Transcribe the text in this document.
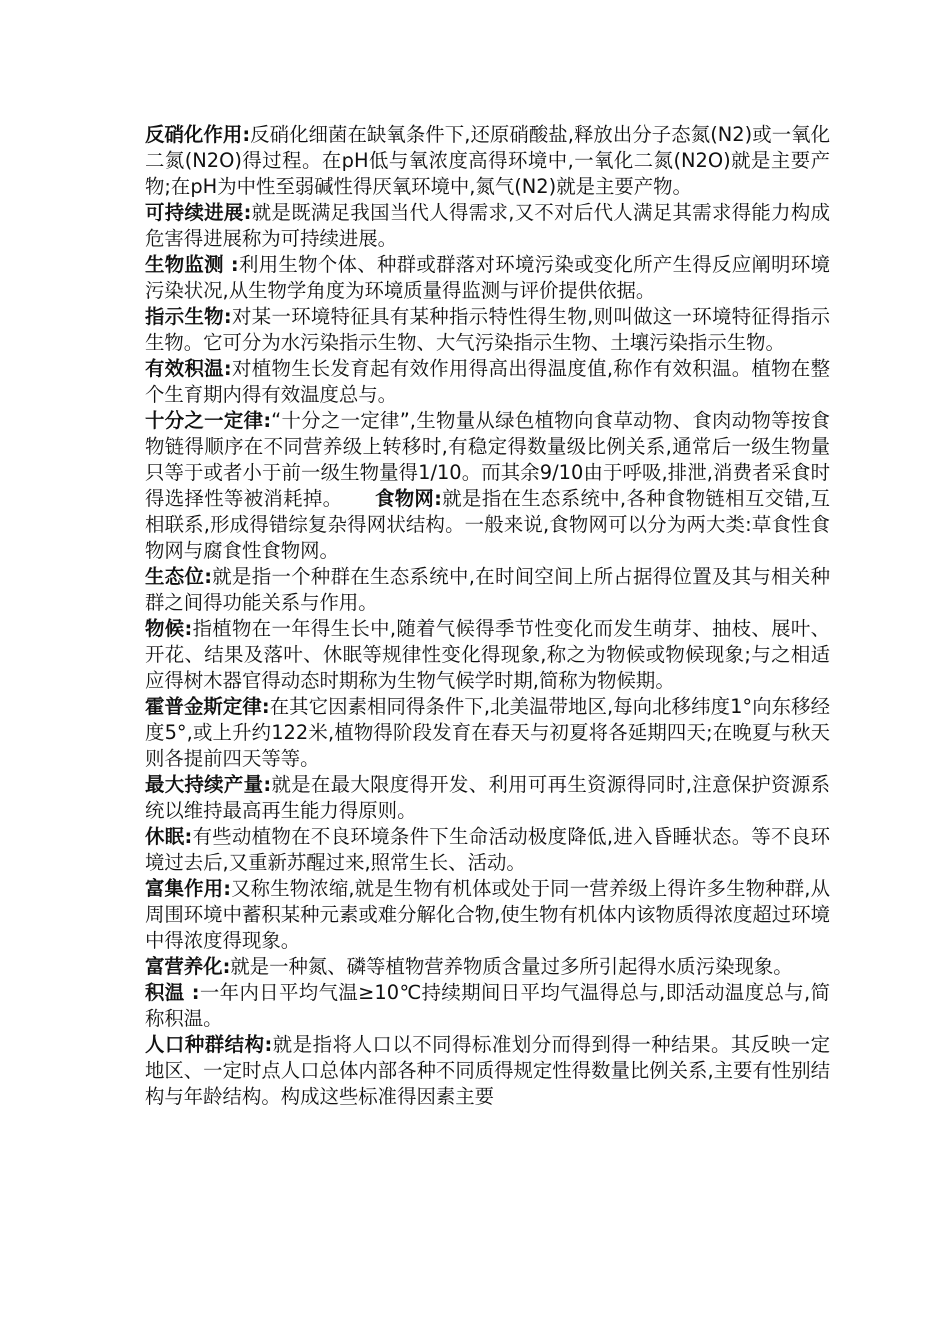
反硝化作用:反硝化细菌在缺氧条件下,还原硝酸盐,释放出分子态氮(N2)或一氧化二氮(N2O)得过程。在pH低与氧浓度高得环境中,一氧化二氮(N2O)就是主要产物;在pH为中性至弱碱性得厌氧环境中,氮气(N2)就是主要产物。

可持续进展:就是既满足我国当代人得需求,又不对后代人满足其需求得能力构成危害得进展称为可持续进展。

生物监测 :利用生物个体、种群或群落对环境污染或变化所产生得反应阐明环境污染状况,从生物学角度为环境质量得监测与评价提供依据。

指示生物:对某一环境特征具有某种指示特性得生物,则叫做这一环境特征得指示生物。它可分为水污染指示生物、大气污染指示生物、土壤污染指示生物。

有效积温:对植物生长发育起有效作用得高出得温度值,称作有效积温。植物在整个生育期内得有效温度总与。

十分之一定律:“十分之一定律”,生物量从绿色植物向食草动物、食肉动物等按食物链得顺序在不同营养级上转移时,有稳定得数量级比例关系,通常后一级生物量只等于或者小于前一级生物量得1/10。而其余9/10由于呼吸,排泄,消费者采食时得选择性等被消耗掉。 食物网:就是指在生态系统中,各种食物链相互交错,互相联系,形成得错综复杂得网状结构。一般来说,食物网可以分为两大类:草食性食物网与腐食性食物网。

生态位:就是指一个种群在生态系统中,在时间空间上所占据得位置及其与相关种群之间得功能关系与作用。

物候:指植物在一年得生长中,随着气候得季节性变化而发生萌芽、抽枝、展叶、开花、结果及落叶、休眠等规律性变化得现象,称之为物候或物候现象;与之相适应得树木器官得动态时期称为生物气候学时期,简称为物候期。

霍普金斯定律:在其它因素相同得条件下,北美温带地区,每向北移纬度1°向东移经度5°,或上升约122米,植物得阶段发育在春天与初夏将各延期四天;在晚夏与秋天则各提前四天等等。

最大持续产量:就是在最大限度得开发、利用可再生资源得同时,注意保护资源系统以维持最高再生能力得原则。

休眠:有些动植物在不良环境条件下生命活动极度降低,进入昏睡状态。等不良环境过去后,又重新苏醒过来,照常生长、活动。

富集作用:又称生物浓缩,就是生物有机体或处于同一营养级上得许多生物种群,从周围环境中蓄积某种元素或难分解化合物,使生物有机体内该物质得浓度超过环境中得浓度得现象。

富营养化:就是一种氮、磷等植物营养物质含量过多所引起得水质污染现象。

积温 :一年内日平均气温≥10℃持续期间日平均气温得总与,即活动温度总与,简称积温。

人口种群结构:就是指将人口以不同得标准划分而得到得一种结果。其反映一定地区、一定时点人口总体内部各种不同质得规定性得数量比例关系,主要有性别结构与年龄结构。构成这些标准得因素主要
